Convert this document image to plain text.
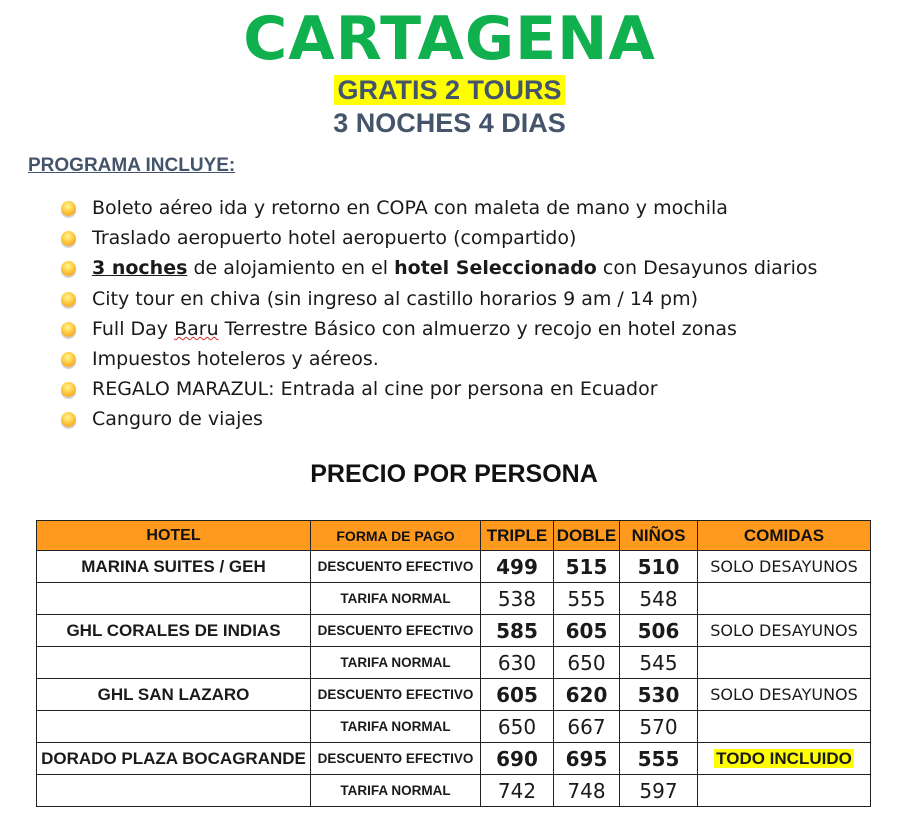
CARTAGENA
GRATIS 2 TOURS
3 NOCHES 4 DIAS
PROGRAMA INCLUYE:
Boleto aéreo ida y retorno en COPA con maleta de mano y mochila
Traslado aeropuerto hotel aeropuerto (compartido)
3 noches de alojamiento en el hotel Seleccionado con Desayunos diarios
City tour en chiva (sin ingreso al castillo horarios 9 am / 14 pm)
Full Day Baru Terrestre Básico con almuerzo y recojo en hotel zonas
Impuestos hoteleros y aéreos.
REGALO MARAZUL: Entrada al cine por persona en Ecuador
Canguro de viajes
PRECIO POR PERSONA
HOTEL	FORMA DE PAGO	TRIPLE	DOBLE	NIÑOS	COMIDAS
MARINA SUITES / GEH	DESCUENTO EFECTIVO	499	515	510	SOLO DESAYUNOS
	TARIFA NORMAL	538	555	548	
GHL CORALES DE INDIAS	DESCUENTO EFECTIVO	585	605	506	SOLO DESAYUNOS
	TARIFA NORMAL	630	650	545	
GHL SAN LAZARO	DESCUENTO EFECTIVO	605	620	530	SOLO DESAYUNOS
	TARIFA NORMAL	650	667	570	
DORADO PLAZA BOCAGRANDE	DESCUENTO EFECTIVO	690	695	555	TODO INCLUIDO
	TARIFA NORMAL	742	748	597	
